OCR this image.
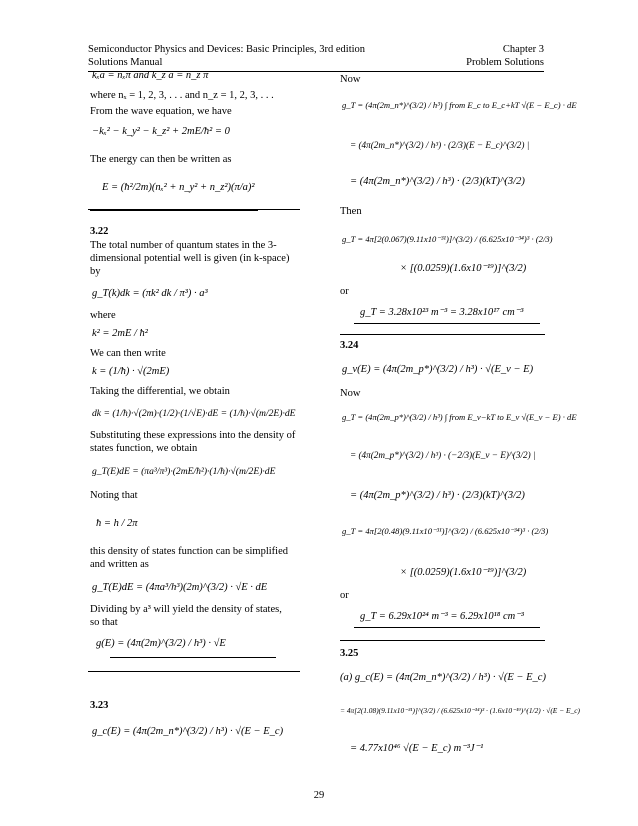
Semiconductor Physics and Devices: Basic Principles, 3rd edition
Solutions Manual
Chapter 3
Problem Solutions
kₓa = nₓπ and k_z a = n_z π
where nₓ = 1, 2, 3, . . . and n_z = 1, 2, 3, . . .
From the wave equation, we have
−kₓ² − k_y² − k_z² + 2mE/ħ² = 0
The energy can then be written as
E = (ħ²/2m)(nₓ² + n_y² + n_z²)(π/a)²
3.22
The total number of quantum states in the 3-
dimensional potential well is given (in k-space)
by
g_T(k)dk = (πk² dk / π³) · a³
where
k² = 2mE / ħ²
We can then write
k = (1/ħ) · √(2mE)
Taking the differential, we obtain
dk = (1/ħ)·√(2m)·(1/2)·(1/√E)·dE = (1/ħ)·√(m/2E)·dE
Substituting these expressions into the density of
states function, we obtain
g_T(E)dE = (πa³/π³)·(2mE/ħ²)·(1/ħ)·√(m/2E)·dE
Noting that
ħ = h / 2π
this density of states function can be simplified
and written as
g_T(E)dE = (4πa³/h³)(2m)^(3/2) · √E · dE
Dividing by a³ will yield the density of states,
so that
g(E) = (4π(2m)^(3/2) / h³) · √E
3.23
g_c(E) = (4π(2m_n*)^(3/2) / h³) · √(E − E_c)
Now
g_T = (4π(2m_n*)^(3/2) / h³) ∫ from E_c to E_c+kT √(E − E_c) · dE
= (4π(2m_n*)^(3/2) / h³) · (2/3)(E − E_c)^(3/2) |
= (4π(2m_n*)^(3/2) / h³) · (2/3)(kT)^(3/2)
Then
g_T = 4π[2(0.067)(9.11x10⁻³¹)]^(3/2) / (6.625x10⁻³⁴)³ · (2/3)
× [(0.0259)(1.6x10⁻¹⁹)]^(3/2)
or
g_T = 3.28x10²³ m⁻³ = 3.28x10¹⁷ cm⁻³
3.24
g_v(E) = (4π(2m_p*)^(3/2) / h³) · √(E_v − E)
Now
g_T = (4π(2m_p*)^(3/2) / h³) ∫ from E_v−kT to E_v √(E_v − E) · dE
= (4π(2m_p*)^(3/2) / h³) · (−2/3)(E_v − E)^(3/2) |
= (4π(2m_p*)^(3/2) / h³) · (2/3)(kT)^(3/2)
g_T = 4π[2(0.48)(9.11x10⁻³¹)]^(3/2) / (6.625x10⁻³⁴)³ · (2/3)
× [(0.0259)(1.6x10⁻¹⁹)]^(3/2)
or
g_T = 6.29x10²⁴ m⁻³ = 6.29x10¹⁸ cm⁻³
3.25
(a) g_c(E) = (4π(2m_n*)^(3/2) / h³) · √(E − E_c)
= 4π[2(1.08)(9.11x10⁻³¹)]^(3/2) / (6.625x10⁻³⁴)³ · (1.6x10⁻¹⁹)^(1/2) · √(E − E_c)
= 4.77x10⁴⁶ √(E − E_c) m⁻³J⁻¹
29
